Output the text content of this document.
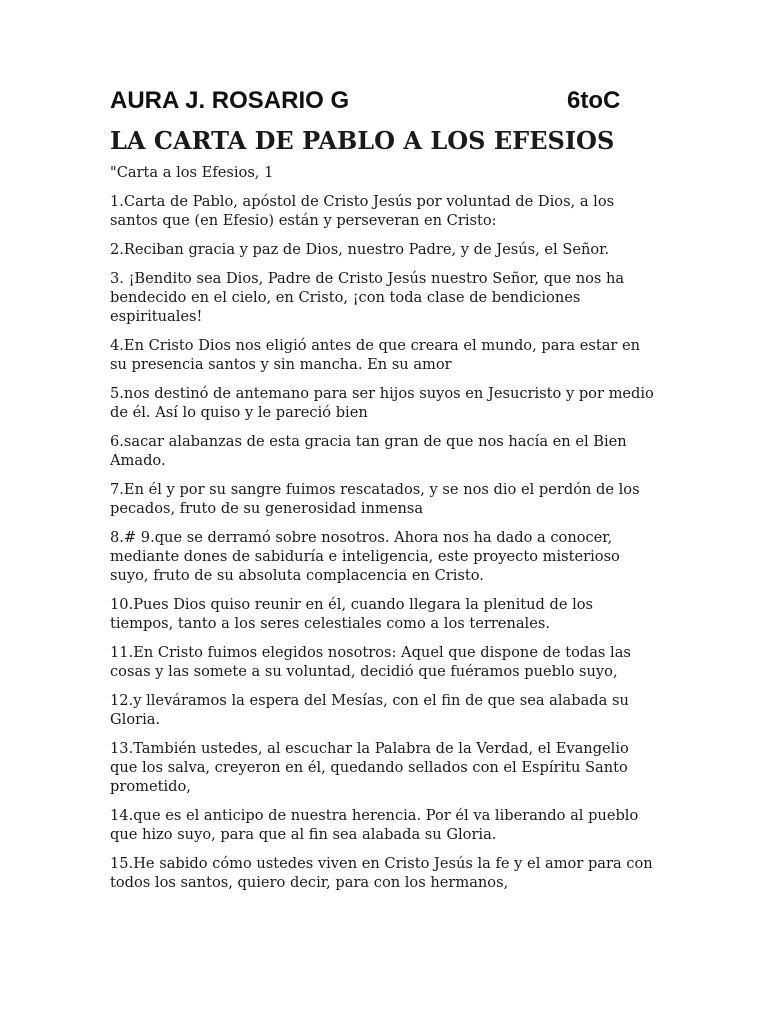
AURA J. ROSARIO G	6toC
LA CARTA DE PABLO A LOS EFESIOS

"Carta a los Efesios, 1

1.Carta de Pablo, apóstol de Cristo Jesús por voluntad de Dios, a los santos que (en Efesio) están y perseveran en Cristo:

2.Reciban gracia y paz de Dios, nuestro Padre, y de Jesús, el Señor.

3. ¡Bendito sea Dios, Padre de Cristo Jesús nuestro Señor, que nos ha bendecido en el cielo, en Cristo, ¡con toda clase de bendiciones espirituales!

4.En Cristo Dios nos eligió antes de que creara el mundo, para estar en su presencia santos y sin mancha. En su amor

5.nos destinó de antemano para ser hijos suyos en Jesucristo y por medio de él. Así lo quiso y le pareció bien

6.sacar alabanzas de esta gracia tan gran de que nos hacía en el Bien Amado.

7.En él y por su sangre fuimos rescatados, y se nos dio el perdón de los pecados, fruto de su generosidad inmensa

8.# 9.que se derramó sobre nosotros. Ahora nos ha dado a conocer, mediante dones de sabiduría e inteligencia, este proyecto misterioso suyo, fruto de su absoluta complacencia en Cristo.

10.Pues Dios quiso reunir en él, cuando llegara la plenitud de los tiempos, tanto a los seres celestiales como a los terrenales.

11.En Cristo fuimos elegidos nosotros: Aquel que dispone de todas las cosas y las somete a su voluntad, decidió que fuéramos pueblo suyo,

12.y lleváramos la espera del Mesías, con el fin de que sea alabada su Gloria.

13.También ustedes, al escuchar la Palabra de la Verdad, el Evangelio que los salva, creyeron en él, quedando sellados con el Espíritu Santo prometido,

14.que es el anticipo de nuestra herencia. Por él va liberando al pueblo que hizo suyo, para que al fin sea alabada su Gloria.

15.He sabido cómo ustedes viven en Cristo Jesús la fe y el amor para con todos los santos, quiero decir, para con los hermanos,
